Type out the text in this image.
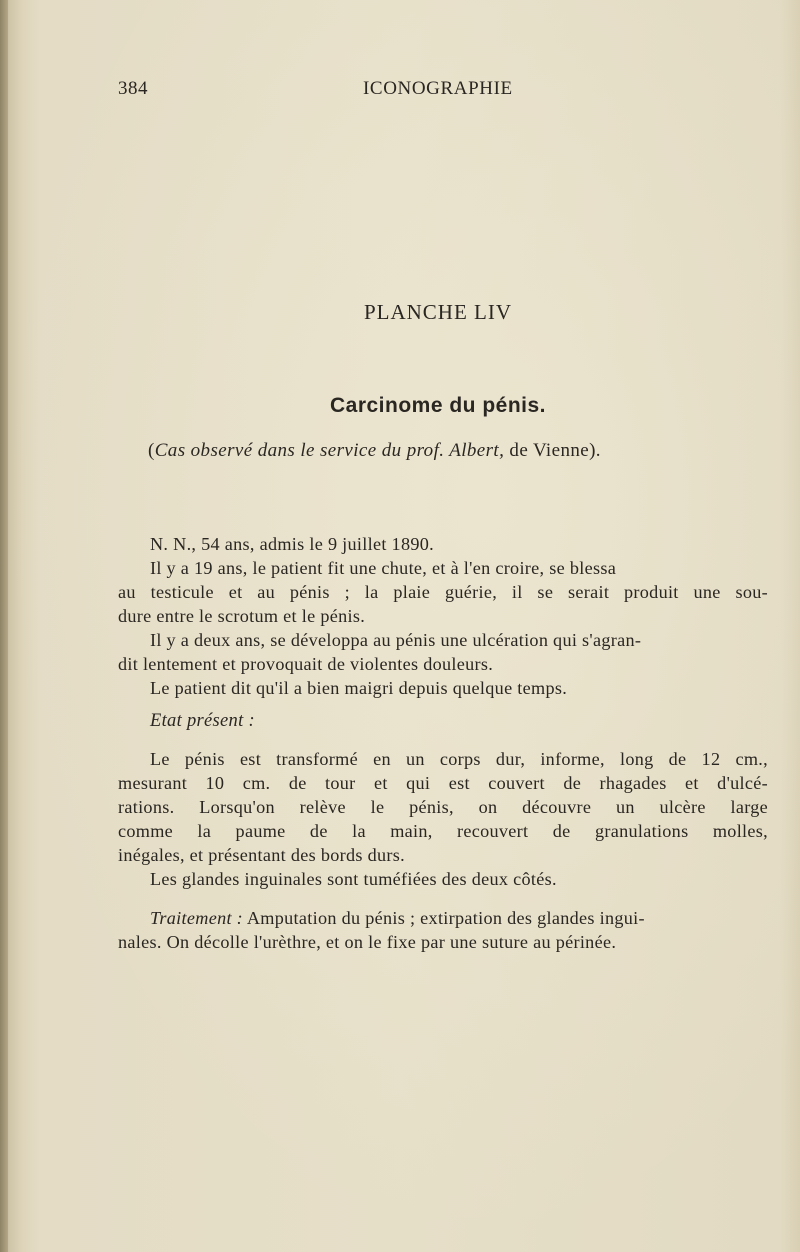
384	ICONOGRAPHIE
PLANCHE LIV
Carcinome du pénis.
(Cas observé dans le service du prof. Albert, de Vienne).
N. N., 54 ans, admis le 9 juillet 1890.
Il y a 19 ans, le patient fit une chute, et à l'en croire, se blessa
au testicule et au pénis ; la plaie guérie, il se serait produit une sou-
dure entre le scrotum et le pénis.
Il y a deux ans, se développa au pénis une ulcération qui s'agran-
dit lentement et provoquait de violentes douleurs.
Le patient dit qu'il a bien maigri depuis quelque temps.
Etat présent :
Le pénis est transformé en un corps dur, informe, long de 12 cm.,
mesurant 10 cm. de tour et qui est couvert de rhagades et d'ulcé-
rations. Lorsqu'on relève le pénis, on découvre un ulcère large
comme la paume de la main, recouvert de granulations molles,
inégales, et présentant des bords durs.
Les glandes inguinales sont tuméfiées des deux côtés.
Traitement : Amputation du pénis ; extirpation des glandes ingui-
nales. On décolle l'urèthre, et on le fixe par une suture au périnée.
